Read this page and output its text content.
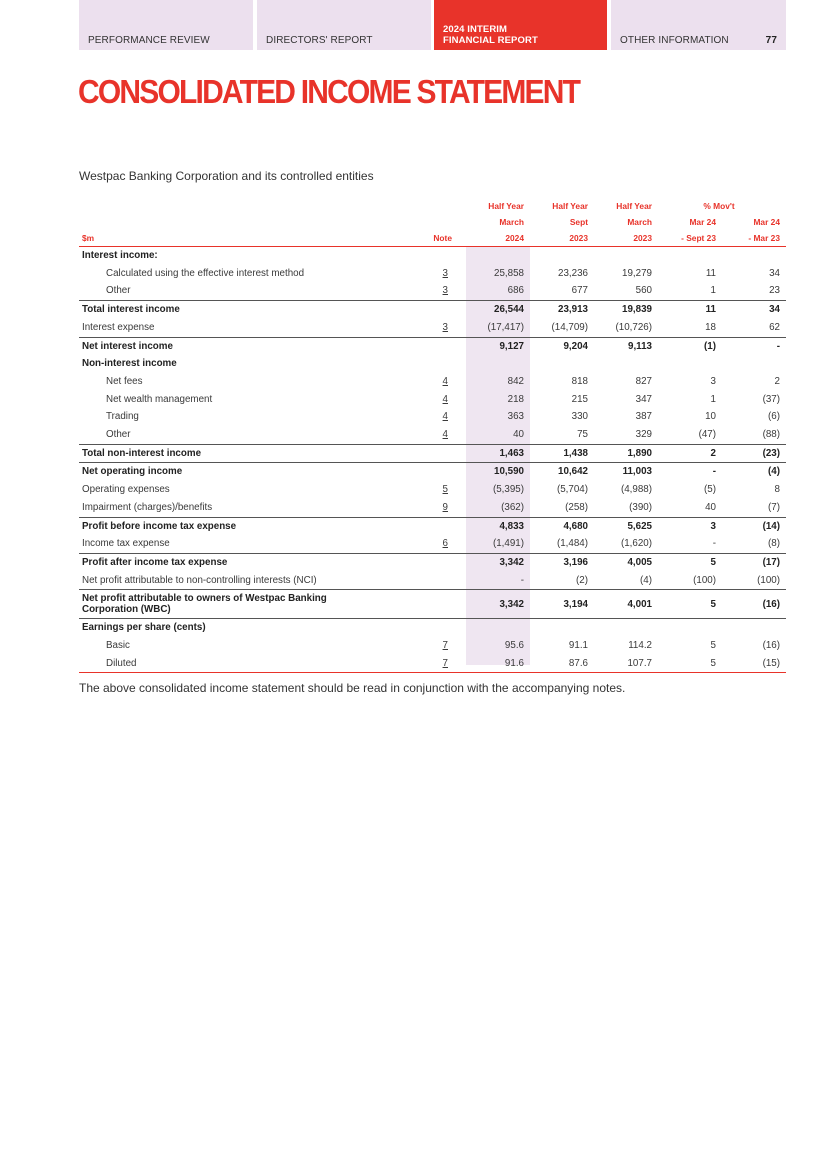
PERFORMANCE REVIEW	DIRECTORS' REPORT
2024 INTERIM
FINANCIAL REPORT	OTHER INFORMATION	77
CONSOLIDATED INCOME STATEMENT
Westpac Banking Corporation and its controlled entities
		Half Year	Half Year	Half Year	% Mov't	
		March	Sept	March	Mar 24	Mar 24
$m	Note	2024	2023	2023	- Sept 23	- Mar 23
Interest income:						
Calculated using the effective interest method	3	25,858	23,236	19,279	11	34
Other	3	686	677	560	1	23
Total interest income		26,544	23,913	19,839	11	34
Interest expense	3	(17,417)	(14,709)	(10,726)	18	62
Net interest income		9,127	9,204	9,113	(1)	-
Non-interest income						
Net fees	4	842	818	827	3	2
Net wealth management	4	218	215	347	1	(37)
Trading	4	363	330	387	10	(6)
Other	4	40	75	329	(47)	(88)
Total non-interest income		1,463	1,438	1,890	2	(23)
Net operating income		10,590	10,642	11,003	-	(4)
Operating expenses	5	(5,395)	(5,704)	(4,988)	(5)	8
Impairment (charges)/benefits	9	(362)	(258)	(390)	40	(7)
Profit before income tax expense		4,833	4,680	5,625	3	(14)
Income tax expense	6	(1,491)	(1,484)	(1,620)	-	(8)
Profit after income tax expense		3,342	3,196	4,005	5	(17)
Net profit attributable to non-controlling interests (NCI)		-	(2)	(4)	(100)	(100)
Net profit attributable to owners of Westpac Banking Corporation (WBC)		3,342	3,194	4,001	5	(16)
Earnings per share (cents)						
Basic	7	95.6	91.1	114.2	5	(16)
Diluted	7	91.6	87.6	107.7	5	(15)
The above consolidated income statement should be read in conjunction with the accompanying notes.
